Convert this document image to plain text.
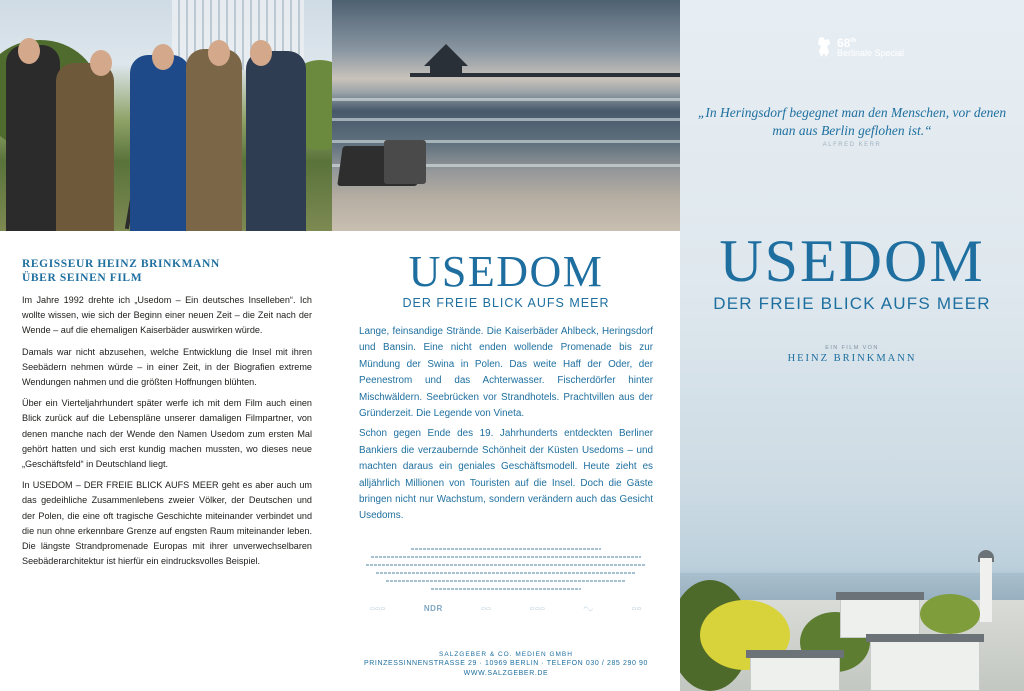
68th
Berlinale Special
„In Heringsdorf begegnet man den Menschen, vor denen man aus Berlin geflohen ist.“
ALFRED KERR
USEDOM
DER FREIE BLICK AUFS MEER
EIN FILM VON
HEINZ BRINKMANN
REGISSEUR HEINZ BRINKMANN
ÜBER SEINEN FILM

Im Jahre 1992 drehte ich „Usedom – Ein deutsches Inselleben“. Ich wollte wissen, wie sich der Beginn einer neuen Zeit – die Zeit nach der Wende – auf die ehemaligen Kaiserbäder auswirken würde.

Damals war nicht abzusehen, welche Entwicklung die Insel mit ihren Seebädern nehmen würde – in einer Zeit, in der Biografien extreme Wendungen nahmen und die größten Hoffnungen blühten.

Über ein Vierteljahrhundert später werfe ich mit dem Film auch einen Blick zurück auf die Lebenspläne unserer damaligen Filmpartner, von denen manche nach der Wende den Namen Usedom zum ersten Mal gehört hatten und sich erst kundig machen mussten, wo dieses neue „Geschäftsfeld“ in Deutschland liegt.

In USEDOM – DER FREIE BLICK AUFS MEER geht es aber auch um das gedeihliche Zusammenlebens zweier Völker, der Deutschen und der Polen, die eine oft tragische Geschichte miteinander verbindet und die nun ohne erkennbare Grenze auf engsten Raum miteinander leben. Die längste Strandpromenade Europas mit ihrer unverwechselbaren Seebäderarchitektur ist hierfür ein eindrucksvolles Beispiel.

USEDOM
DER FREIE BLICK AUFS MEER

Lange, feinsandige Strände. Die Kaiserbäder Ahlbeck, Heringsdorf und Bansin. Eine nicht enden wollende Promenade bis zur Mündung der Swina in Polen. Das weite Haff der Oder, der Peenestrom und das Achterwasser. Fischerdörfer hinter Mischwäldern. Seebrücken vor Strandhotels. Prachtvillen aus der Gründerzeit. Die Legende von Vineta.

Schon gegen Ende des 19. Jahrhunderts entdeckten Berliner Bankiers die verzaubernde Schönheit der Küsten Usedoms – und machten daraus ein geniales Geschäftsmodell. Heute zieht es alljährlich Millionen von Touristen auf die Insel. Doch die Gäste bringen nicht nur Wachstum, sondern verändern auch das Gesicht Usedoms.

▭▭▭	NDR	▭▭	▭▭▭	◠◡	▭▭
SALZGEBER & CO. MEDIEN GMBH
PRINZESSINNENSTRASSE 29 · 10969 BERLIN · TELEFON 030 / 285 290 90
WWW.SALZGEBER.DE
